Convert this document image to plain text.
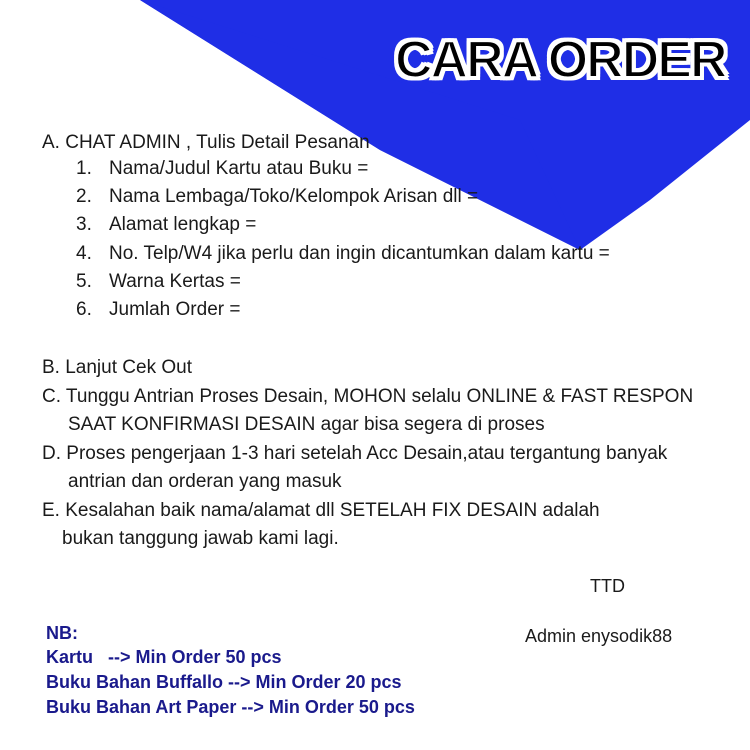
CARA ORDER
A. CHAT ADMIN , Tulis Detail Pesanan
1. Nama/Judul Kartu atau Buku =
2. Nama Lembaga/Toko/Kelompok Arisan dll =
3. Alamat lengkap =
4. No. Telp/W4 jika perlu dan ingin dicantumkan dalam kartu =
5. Warna Kertas =
6. Jumlah Order =
B. Lanjut Cek Out
C. Tunggu Antrian Proses Desain, MOHON selalu ONLINE & FAST RESPON
SAAT KONFIRMASI DESAIN agar bisa segera di proses
D. Proses pengerjaan 1-3 hari setelah Acc Desain,atau tergantung banyak
antrian dan orderan yang masuk
E. Kesalahan baik nama/alamat dll SETELAH FIX DESAIN adalah
bukan tanggung jawab kami lagi.
TTD
Admin enysodik88
NB:
Kartu   --> Min Order 50 pcs
Buku Bahan Buffallo --> Min Order 20 pcs
Buku Bahan Art Paper --> Min Order 50 pcs
